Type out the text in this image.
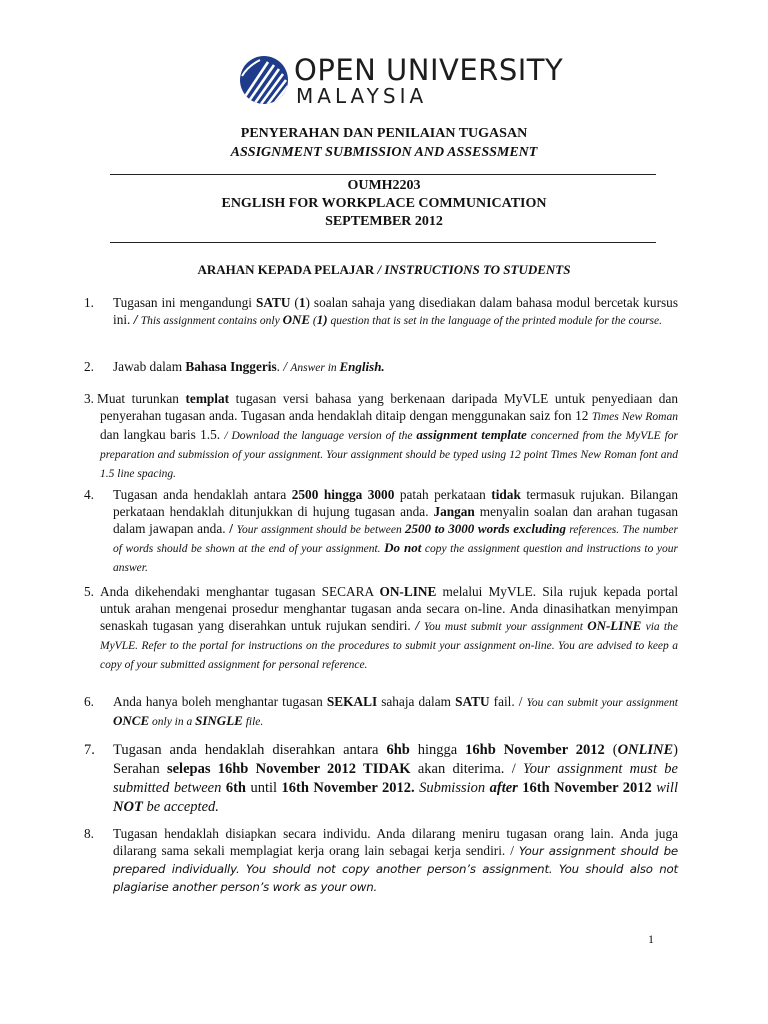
OPEN UNIVERSITY
MALAYSIA
PENYERAHAN DAN PENILAIAN TUGASAN
ASSIGNMENT SUBMISSION AND ASSESSMENT
OUMH2203
ENGLISH FOR WORKPLACE COMMUNICATION
SEPTEMBER 2012
ARAHAN KEPADA PELAJAR / INSTRUCTIONS TO STUDENTS
1. Tugasan ini mengandungi SATU (1) soalan sahaja yang disediakan dalam bahasa modul bercetak kursus ini. / This assignment contains only ONE (1) question that is set in the language of the printed module for the course.
2. Jawab dalam Bahasa Inggeris. / Answer in English.
3. Muat turunkan templat tugasan versi bahasa yang berkenaan daripada MyVLE untuk penyediaan dan penyerahan tugasan anda. Tugasan anda hendaklah ditaip dengan menggunakan saiz fon 12 Times New Roman dan langkau baris 1.5. / Download the language version of the assignment template concerned from the MyVLE for preparation and submission of your assignment. Your assignment should be typed using 12 point Times New Roman font and 1.5 line spacing.
4. Tugasan anda hendaklah antara 2500 hingga 3000 patah perkataan tidak termasuk rujukan. Bilangan perkataan hendaklah ditunjukkan di hujung tugasan anda. Jangan menyalin soalan dan arahan tugasan dalam jawapan anda. / Your assignment should be between 2500 to 3000 words excluding references. The number of words should be shown at the end of your assignment. Do not copy the assignment question and instructions to your answer.
5. Anda dikehendaki menghantar tugasan SECARA ON-LINE melalui MyVLE. Sila rujuk kepada portal untuk arahan mengenai prosedur menghantar tugasan anda secara on-line. Anda dinasihatkan menyimpan senaskah tugasan yang diserahkan untuk rujukan sendiri. / You must submit your assignment ON-LINE via the MyVLE. Refer to the portal for instructions on the procedures to submit your assignment on-line. You are advised to keep a copy of your submitted assignment for personal reference.
6. Anda hanya boleh menghantar tugasan SEKALI sahaja dalam SATU fail. / You can submit your assignment ONCE only in a SINGLE file.
7. Tugasan anda hendaklah diserahkan antara 6hb hingga 16hb November 2012 (ONLINE) Serahan selepas 16hb November 2012 TIDAK akan diterima. / Your assignment must be submitted between 6th until 16th November 2012. Submission after 16th November 2012 will NOT be accepted.
8. Tugasan hendaklah disiapkan secara individu. Anda dilarang meniru tugasan orang lain. Anda juga dilarang sama sekali memplagiat kerja orang lain sebagai kerja sendiri. / Your assignment should be prepared individually. You should not copy another person’s assignment. You should also not plagiarise another person’s work as your own.
1
